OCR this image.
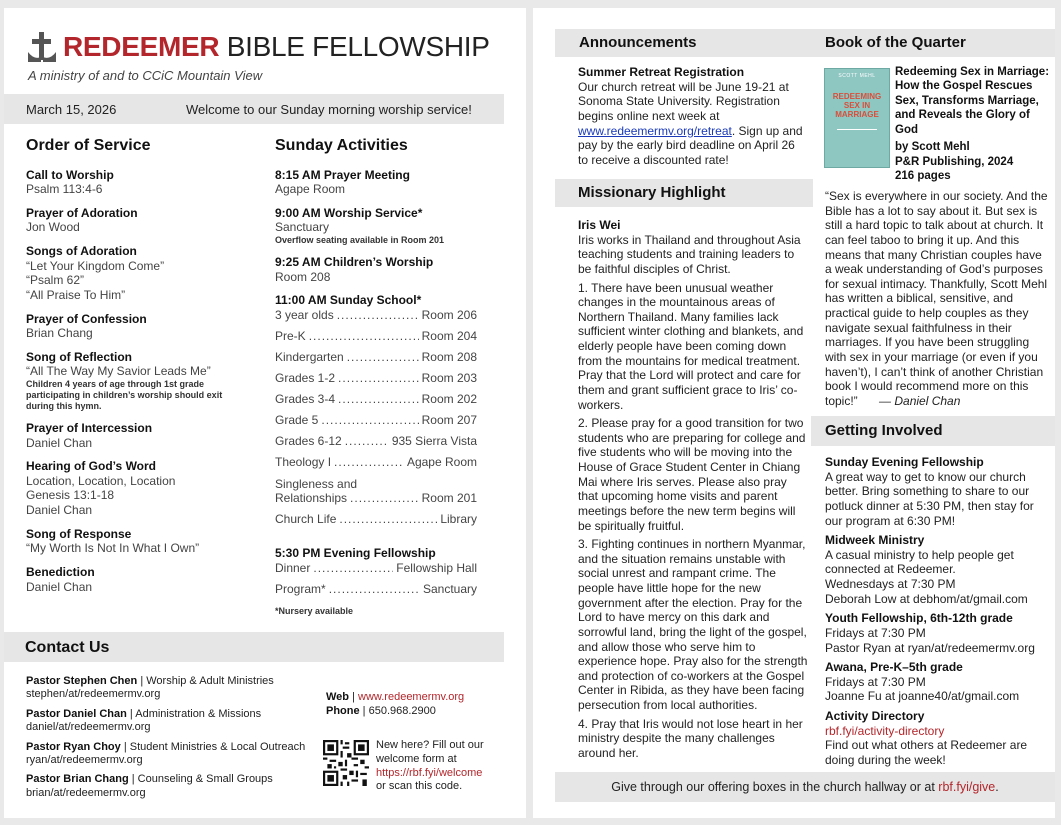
REDEEMER BIBLE FELLOWSHIP
A ministry of and to CCiC Mountain View
March 15, 2026	Welcome to our Sunday morning worship service!
Order of Service
Call to Worship
Psalm 113:4-6
Prayer of Adoration
Jon Wood
Songs of Adoration
“Let Your Kingdom Come”
“Psalm 62”
“All Praise To Him”
Prayer of Confession
Brian Chang
Song of Reflection
“All The Way My Savior Leads Me”
Children 4 years of age through 1st grade participating in children’s worship should exit during this hymn.
Prayer of Intercession
Daniel Chan
Hearing of God’s Word
Location, Location, Location
Genesis 13:1-18
Daniel Chan
Song of Response
“My Worth Is Not In What I Own”
Benediction
Daniel Chan
Sunday Activities
8:15 AM Prayer Meeting
Agape Room
9:00 AM Worship Service*
Sanctuary
Overflow seating available in Room 201
9:25 AM Children’s Worship
Room 208
11:00 AM Sunday School*
3 year olds .....	Room 206
Pre-K .....	Room 204
Kindergarten .....	Room 208
Grades 1-2 .....	Room 203
Grades 3-4 .....	Room 202
Grade 5 .....	Room 207
Grades 6-12 .....	935 Sierra Vista
Theology I .....	Agape Room
Singleness and
Relationships .....	Room 201
Church Life .....	Library
5:30 PM Evening Fellowship
Dinner .....	Fellowship Hall
Program* .....	Sanctuary
*Nursery available
Contact Us
Pastor Stephen Chen | Worship & Adult Ministries
stephen/at/redeemermv.org
Pastor Daniel Chan | Administration & Missions
daniel/at/redeemermv.org
Pastor Ryan Choy | Student Ministries & Local Outreach
ryan/at/redeemermv.org
Pastor Brian Chang | Counseling & Small Groups
brian/at/redeemermv.org
Web | www.redeemermv.org
Phone | 650.968.2900
New here? Fill out our
welcome form at
https://rbf.fyi/welcome
or scan this code.
Announcements
Summer Retreat Registration
Our church retreat will be June 19-21 at Sonoma State University. Registration begins online next week at www.redeemermv.org/retreat. Sign up and pay by the early bird deadline on April 26 to receive a discounted rate!
Missionary Highlight
Iris Wei

Iris works in Thailand and throughout Asia teaching students and training leaders to be faithful disciples of Christ.

1. There have been unusual weather changes in the mountainous areas of Northern Thailand. Many families lack sufficient winter clothing and blankets, and elderly people have been coming down from the mountains for medical treatment. Pray that the Lord will protect and care for them and grant sufficient grace to Iris’ co-workers.

2. Please pray for a good transition for two students who are preparing for college and five students who will be moving into the House of Grace Student Center in Chiang Mai where Iris serves. Please also pray that upcoming home visits and parent meetings before the new term begins will be spiritually fruitful.

3. Fighting continues in northern Myanmar, and the situation remains unstable with social unrest and rampant crime. The people have little hope for the new government after the election. Pray for the Lord to have mercy on this dark and sorrowful land, bring the light of the gospel, and allow those who serve him to experience hope. Pray also for the strength and protection of co-workers at the Gospel Center in Ribida, as they have been facing persecution from local authorities.

4. Pray that Iris would not lose heart in her ministry despite the many challenges around her.

Book of the Quarter
SCOTT MEHL
REDEEMING
SEX IN
MARRIAGE
Redeeming Sex in Marriage: How the Gospel Rescues Sex, Transforms Marriage, and Reveals the Glory of God
by Scott Mehl
P&R Publishing, 2024
216 pages
“Sex is everywhere in our society. And the Bible has a lot to say about it. But sex is still a hard topic to talk about at church. It can feel taboo to bring it up. And this means that many Christian couples have a weak understanding of God’s purposes for sexual intimacy. Thankfully, Scott Mehl has written a biblical, sensitive, and practical guide to help couples as they navigate sexual faithfulness in their marriages. If you have been struggling with sex in your marriage (or even if you haven’t), I can’t think of another Christian book I would recommend more on this topic!” — Daniel Chan
Getting Involved
Sunday Evening Fellowship
A great way to get to know our church better. Bring something to share to our potluck dinner at 5:30 PM, then stay for our program at 6:30 PM!
Midweek Ministry
A casual ministry to help people get connected at Redeemer.
Wednesdays at 7:30 PM
Deborah Low at debhom/at/gmail.com
Youth Fellowship, 6th-12th grade
Fridays at 7:30 PM
Pastor Ryan at ryan/at/redeemermv.org
Awana, Pre-K–5th grade
Fridays at 7:30 PM
Joanne Fu at joanne40/at/gmail.com
Activity Directory
rbf.fyi/activity-directory
Find out what others at Redeemer are doing during the week!
Give through our offering boxes in the church hallway or at rbf.fyi/give.
